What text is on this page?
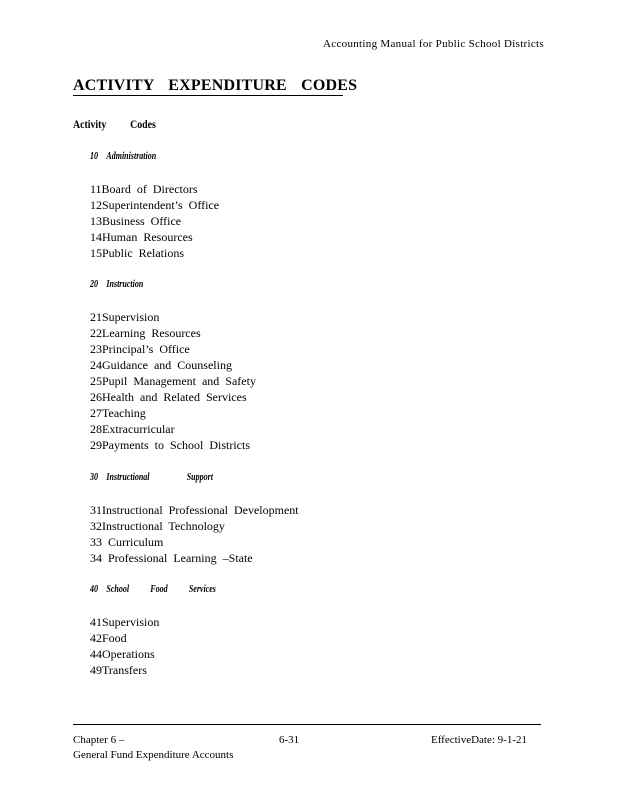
Accounting Manual for Public School Districts
ACTIVITY EXPENDITURE CODES
Activity Codes
10 Administration
11Board of Directors
12Superintendent’s Office
13Business Office
14Human Resources
15Public Relations
20 Instruction
21Supervision
22Learning Resources
23Principal’s Office
24Guidance and Counseling
25Pupil Management and Safety
26Health and Related Services
27Teaching
28Extracurricular
29Payments to School Districts
30 Instructional	Support
31Instructional Professional Development
32Instructional Technology
33 Curriculum
34 Professional Learning –State
40 School Food Services
41Supervision
42Food
44Operations
49Transfers
Chapter 6 –
General Fund Expenditure Accounts
6-31	EffectiveDate: 9-1-21
